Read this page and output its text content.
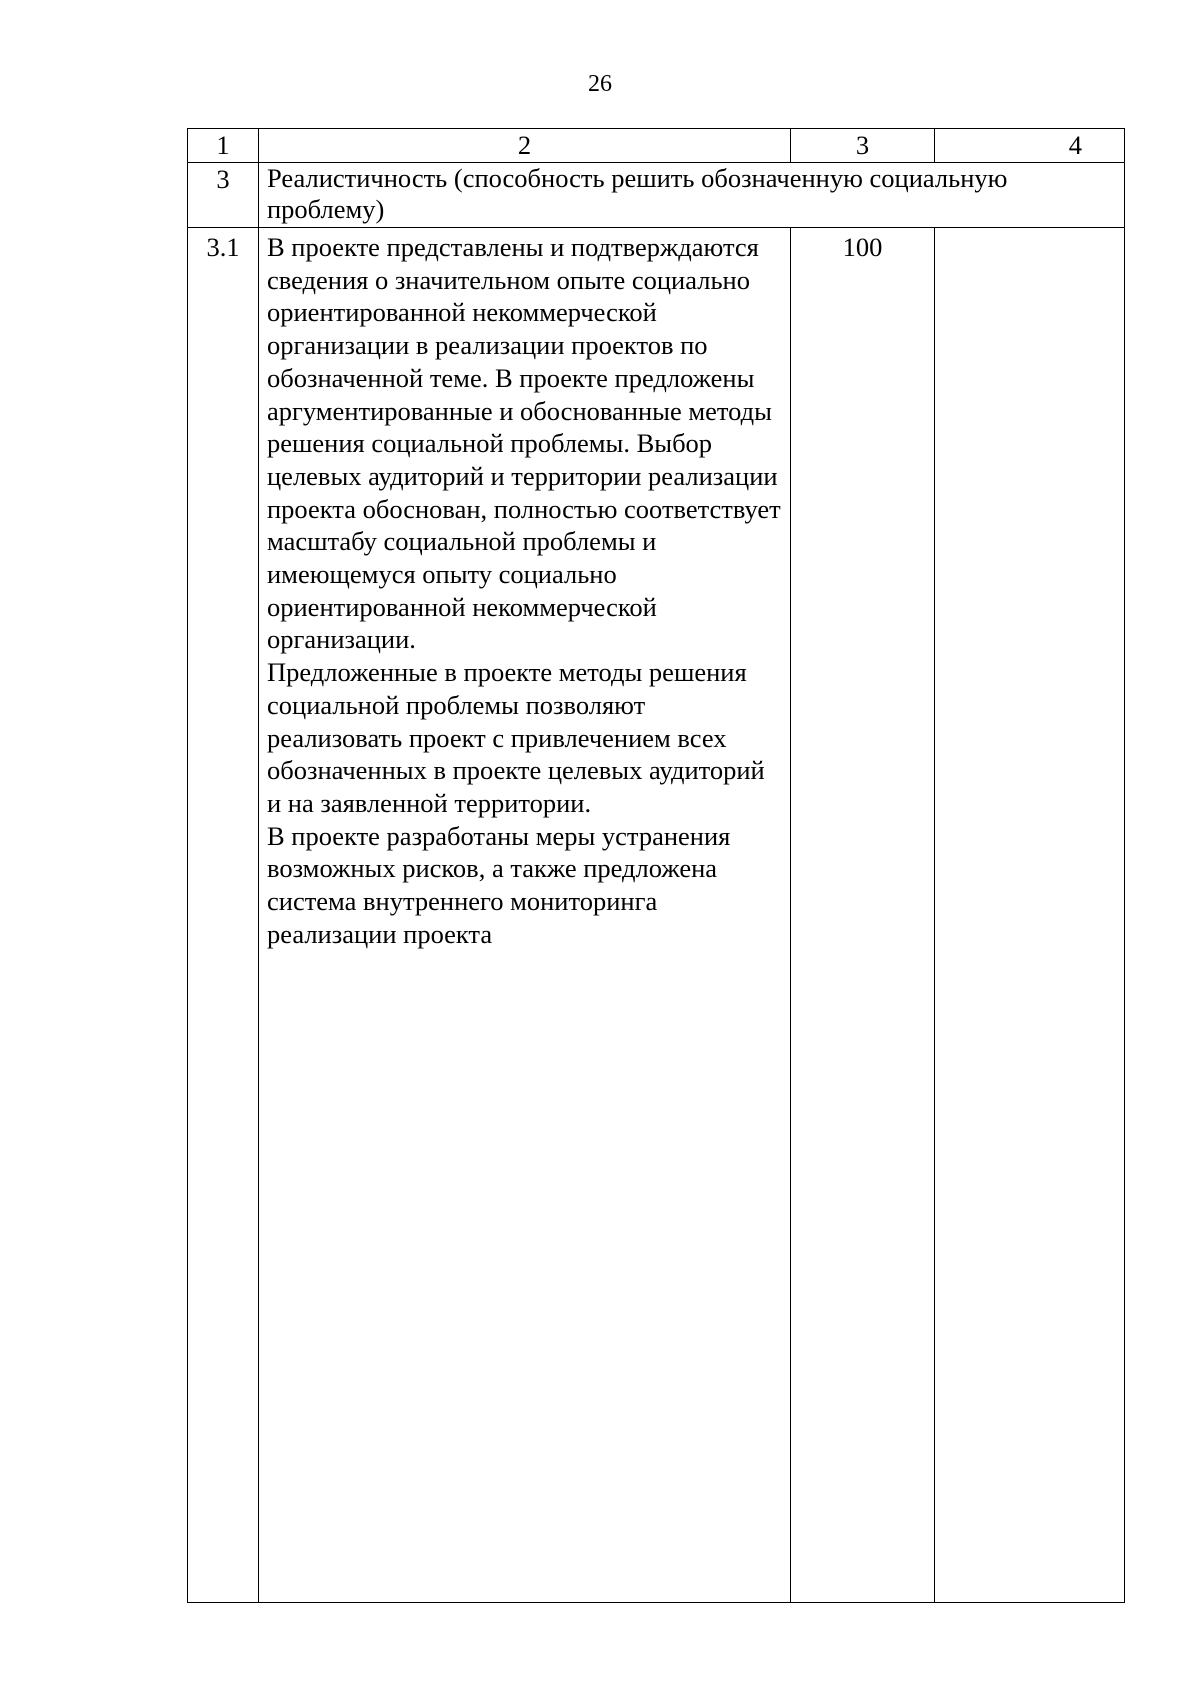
26
1	2	3	4
3	Реалистичность (способность решить обозначенную социальную проблему)		
3.1	В проекте представлены и подтверждаются сведения о значительном опыте социально ориентированной некоммерческой организации в реализации проектов по обозначенной теме. В проекте предложены аргументированные и обоснованные методы решения социальной проблемы. Выбор целевых аудиторий и территории реализации проекта обоснован, полностью соответствует масштабу социальной проблемы и имеющемуся опыту социально ориентированной некоммерческой организации.

Предложенные в проекте методы решения социальной проблемы позволяют реализовать проект с привлечением всех обозначенных в проекте целевых аудиторий и на заявленной территории.

В проекте разработаны меры устранения возможных рисков, а также предложена система внутреннего мониторинга реализации проекта	100	
